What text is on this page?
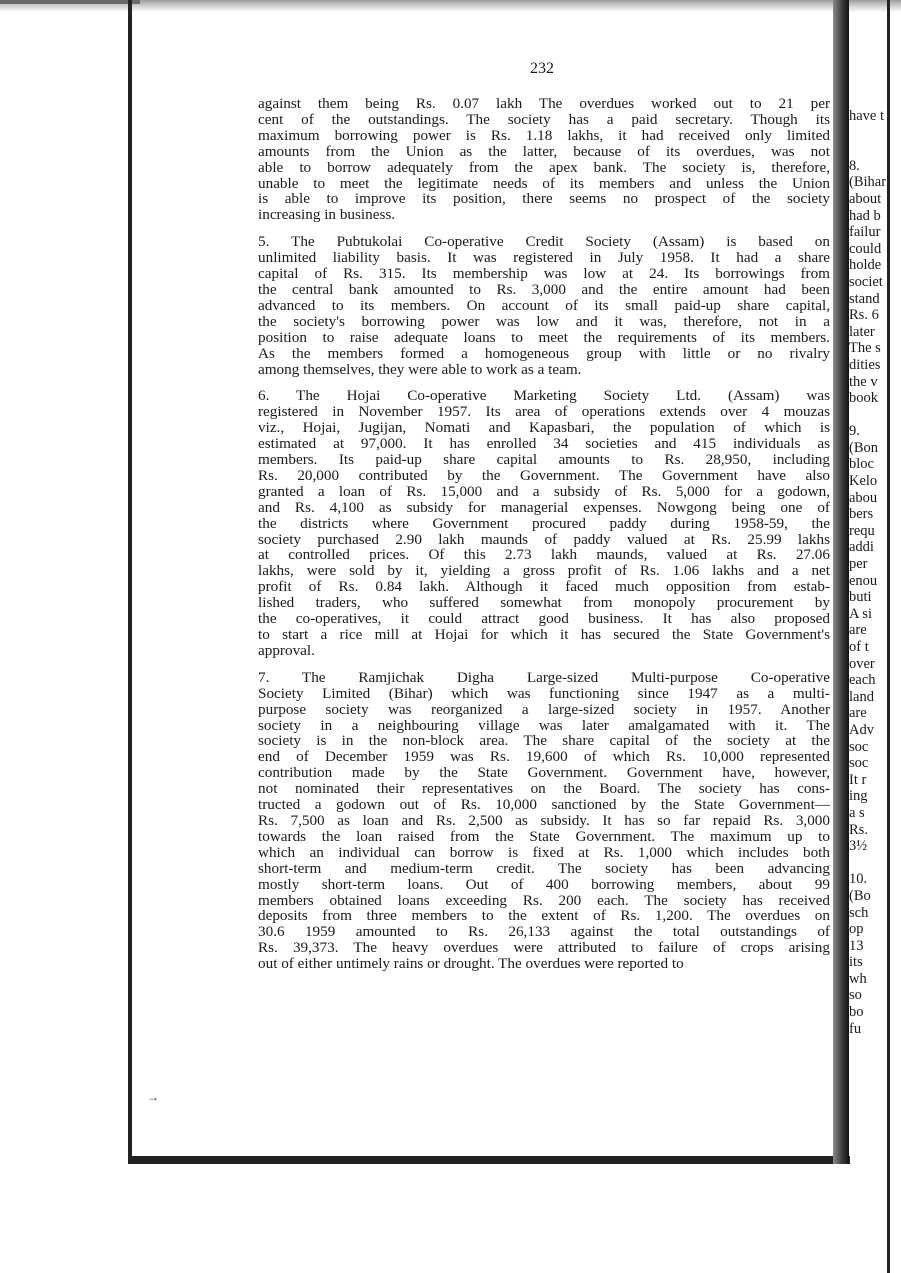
232

against them being Rs. 0.07 lakh The overdues worked out to 21 per
cent of the outstandings. The society has a paid secretary. Though its
maximum borrowing power is Rs. 1.18 lakhs, it had received only limited
amounts from the Union as the latter, because of its overdues, was not
able to borrow adequately from the apex bank. The society is, therefore,
unable to meet the legitimate needs of its members and unless the Union
is able to improve its position, there seems no prospect of the society
increasing in business.

5. The Pubtukolai Co-operative Credit Society (Assam) is based on
unlimited liability basis. It was registered in July 1958. It had a share
capital of Rs. 315. Its membership was low at 24. Its borrowings from
the central bank amounted to Rs. 3,000 and the entire amount had been
advanced to its members. On account of its small paid-up share capital,
the society's borrowing power was low and it was, therefore, not in a
position to raise adequate loans to meet the requirements of its members.
As the members formed a homogeneous group with little or no rivalry
among themselves, they were able to work as a team.

6. The Hojai Co-operative Marketing Society Ltd. (Assam) was
registered in November 1957. Its area of operations extends over 4 mouzas
viz., Hojai, Jugijan, Nomati and Kapasbari, the population of which is
estimated at 97,000. It has enrolled 34 societies and 415 individuals as
members. Its paid-up share capital amounts to Rs. 28,950, including
Rs. 20,000 contributed by the Government. The Government have also
granted a loan of Rs. 15,000 and a subsidy of Rs. 5,000 for a godown,
and Rs. 4,100 as subsidy for managerial expenses. Nowgong being one of
the districts where Government procured paddy during 1958-59, the
society purchased 2.90 lakh maunds of paddy valued at Rs. 25.99 lakhs
at controlled prices. Of this 2.73 lakh maunds, valued at Rs. 27.06
lakhs, were sold by it, yielding a gross profit of Rs. 1.06 lakhs and a net
profit of Rs. 0.84 lakh. Although it faced much opposition from estab-
lished traders, who suffered somewhat from monopoly procurement by
the co-operatives, it could attract good business. It has also proposed
to start a rice mill at Hojai for which it has secured the State Government's
approval.

7. The Ramjichak Digha Large-sized Multi-purpose Co-operative
Society Limited (Bihar) which was functioning since 1947 as a multi-
purpose society was reorganized a large-sized society in 1957. Another
society in a neighbouring village was later amalgamated with it. The
society is in the non-block area. The share capital of the society at the
end of December 1959 was Rs. 19,600 of which Rs. 10,000 represented
contribution made by the State Government. Government have, however,
not nominated their representatives on the Board. The society has cons-
tructed a godown out of Rs. 10,000 sanctioned by the State Government—
Rs. 7,500 as loan and Rs. 2,500 as subsidy. It has so far repaid Rs. 3,000
towards the loan raised from the State Government. The maximum up to
which an individual can borrow is fixed at Rs. 1,000 which includes both
short-term and medium-term credit. The society has been advancing
mostly short-term loans. Out of 400 borrowing members, about 99
members obtained loans exceeding Rs. 200 each. The society has received
deposits from three members to the extent of Rs. 1,200. The overdues on
30.6 1959 amounted to Rs. 26,133 against the total outstandings of
Rs. 39,373. The heavy overdues were attributed to failure of crops arising
out of either untimely rains or drought. The overdues were reported to

have t

8.
(Bihar
about
had b
failur
could
holde
societ
stand
Rs. 6
later
The s
dities
the v
book

9.
(Bon
bloc
Kelo
abou
bers
requ
addi
per
enou
buti
A si
are
of t
over
each
land
are
Adv
soc
soc
It r
ing
a s
Rs.
3½

10.
(Bo
sch
op
13
its
wh
so
bo
fu
→
